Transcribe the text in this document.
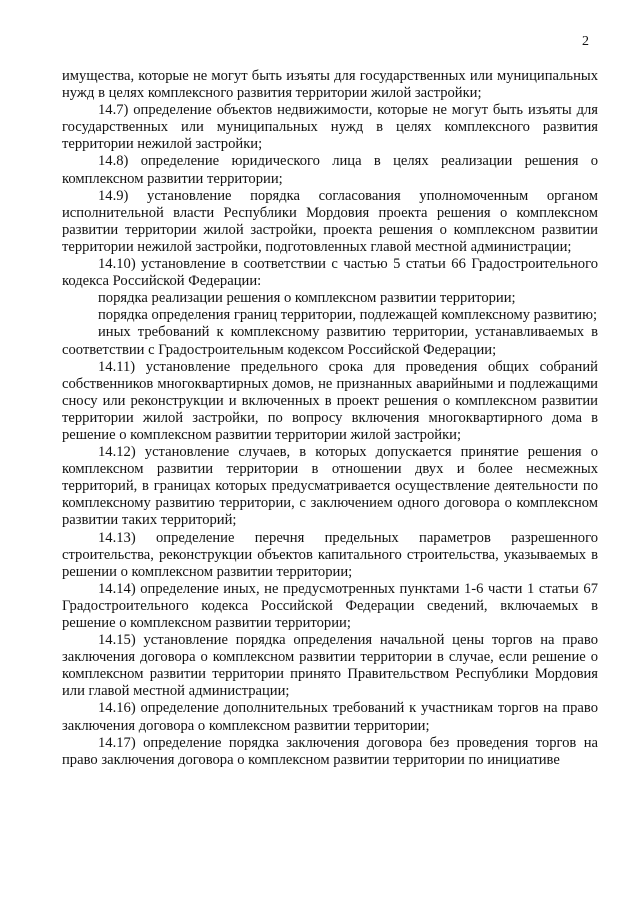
2

имущества, которые не могут быть изъяты для государственных или муниципальных нужд в целях комплексного развития территории жилой застройки;

14.7) определение объектов недвижимости, которые не могут быть изъяты для государственных или муниципальных нужд в целях комплексного развития территории нежилой застройки;

14.8) определение юридического лица в целях реализации решения о комплексном развитии территории;

14.9) установление порядка согласования уполномоченным органом исполнительной власти Республики Мордовия проекта решения о комплексном развитии территории жилой застройки, проекта решения о комплексном развитии территории нежилой застройки, подготовленных главой местной администрации;

14.10) установление в соответствии с частью 5 статьи 66 Градостроительного кодекса Российской Федерации:

порядка реализации решения о комплексном развитии территории;

порядка определения границ территории, подлежащей комплексному развитию;

иных требований к комплексному развитию территории, устанавливаемых в соответствии с Градостроительным кодексом Российской Федерации;

14.11) установление предельного срока для проведения общих собраний собственников многоквартирных домов, не признанных аварийными и подлежащими сносу или реконструкции и включенных в проект решения о комплексном развитии территории жилой застройки, по вопросу включения многоквартирного дома в решение о комплексном развитии территории жилой застройки;

14.12) установление случаев, в которых допускается принятие решения о комплексном развитии территории в отношении двух и более несмежных территорий, в границах которых предусматривается осуществление деятельности по комплексному развитию территории, с заключением одного договора о комплексном развитии таких территорий;

14.13) определение перечня предельных параметров разрешенного строительства, реконструкции объектов капитального строительства, указываемых в решении о комплексном развитии территории;

14.14) определение иных, не предусмотренных пунктами 1-6 части 1 статьи 67 Градостроительного кодекса Российской Федерации сведений, включаемых в решение о комплексном развитии территории;

14.15) установление порядка определения начальной цены торгов на право заключения договора о комплексном развитии территории в случае, если решение о комплексном развитии территории принято Правительством Республики Мордовия или главой местной администрации;

14.16) определение дополнительных требований к участникам торгов на право заключения договора о комплексном развитии территории;

14.17) определение порядка заключения договора без проведения торгов на право заключения договора о комплексном развитии территории по инициативе
